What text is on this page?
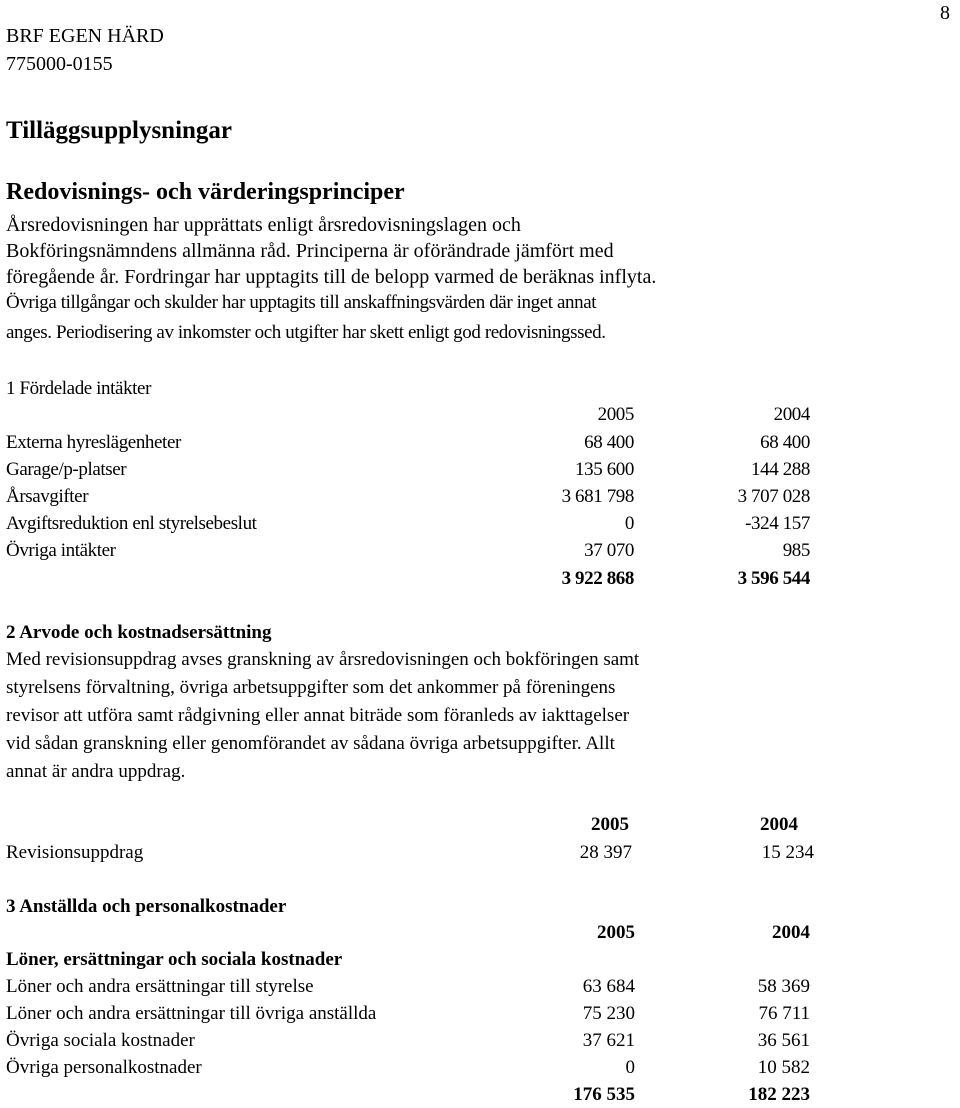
BRF EGEN HÄRD
775000-0155
8
Tilläggsupplysningar
Redovisnings- och värderingsprinciper
Årsredovisningen har upprättats enligt årsredovisningslagen och
Bokföringsnämndens allmänna råd. Principerna är oförändrade jämfört med
föregående år. Fordringar har upptagits till de belopp varmed de beräknas inflyta.
Övriga tillgångar och skulder har upptagits till anskaffningsvärden där inget annat
anges. Periodisering av inkomster och utgifter har skett enligt god redovisningssed.
1 Fördelade intäkter
2005	2004
Externa hyreslägenheter	68 400	68 400
Garage/p-platser	135 600	144 288
Årsavgifter	3 681 798	3 707 028
Avgiftsreduktion enl styrelsebeslut	0	-324 157
Övriga intäkter	37 070	985
3 922 868	3 596 544
2 Arvode och kostnadsersättning
Med revisionsuppdrag avses granskning av årsredovisningen och bokföringen samt
styrelsens förvaltning, övriga arbetsuppgifter som det ankommer på föreningens
revisor att utföra samt rådgivning eller annat biträde som föranleds av iakttagelser
vid sådan granskning eller genomförandet av sådana övriga arbetsuppgifter. Allt
annat är andra uppdrag.
2005	2004
Revisionsuppdrag	28 397	15 234
3 Anställda och personalkostnader
2005	2004
Löner, ersättningar och sociala kostnader
Löner och andra ersättningar till styrelse	63 684	58 369
Löner och andra ersättningar till övriga anställda	75 230	76 711
Övriga sociala kostnader	37 621	36 561
Övriga personalkostnader	0	10 582
176 535	182 223
